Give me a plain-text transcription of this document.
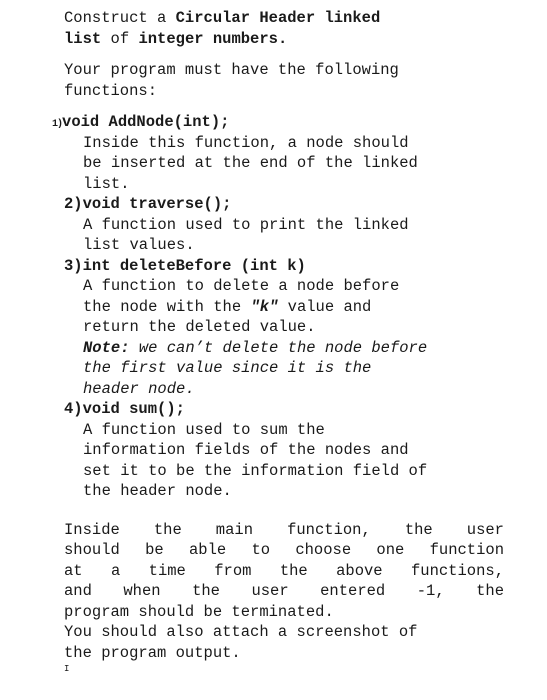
Construct a Circular Header linked
list of integer numbers.
Your program must have the following
functions:
1)void AddNode(int);
Inside this function, a node should
be inserted at the end of the linked
list.
2)void traverse();
A function used to print the linked
list values.
3)int deleteBefore (int k)
A function to delete a node before
the node with the "k" value and
return the deleted value.
Note: we can’t delete the node before
the first value since it is the
header node.
4)void sum();
A function used to sum the
information fields of the nodes and
set it to be the information field of
the header node.
Inside the main function, the user
should be able to choose one function
at a time from the above functions,
and when the user entered -1, the
program should be terminated.
You should also attach a screenshot of
the program output.
I
